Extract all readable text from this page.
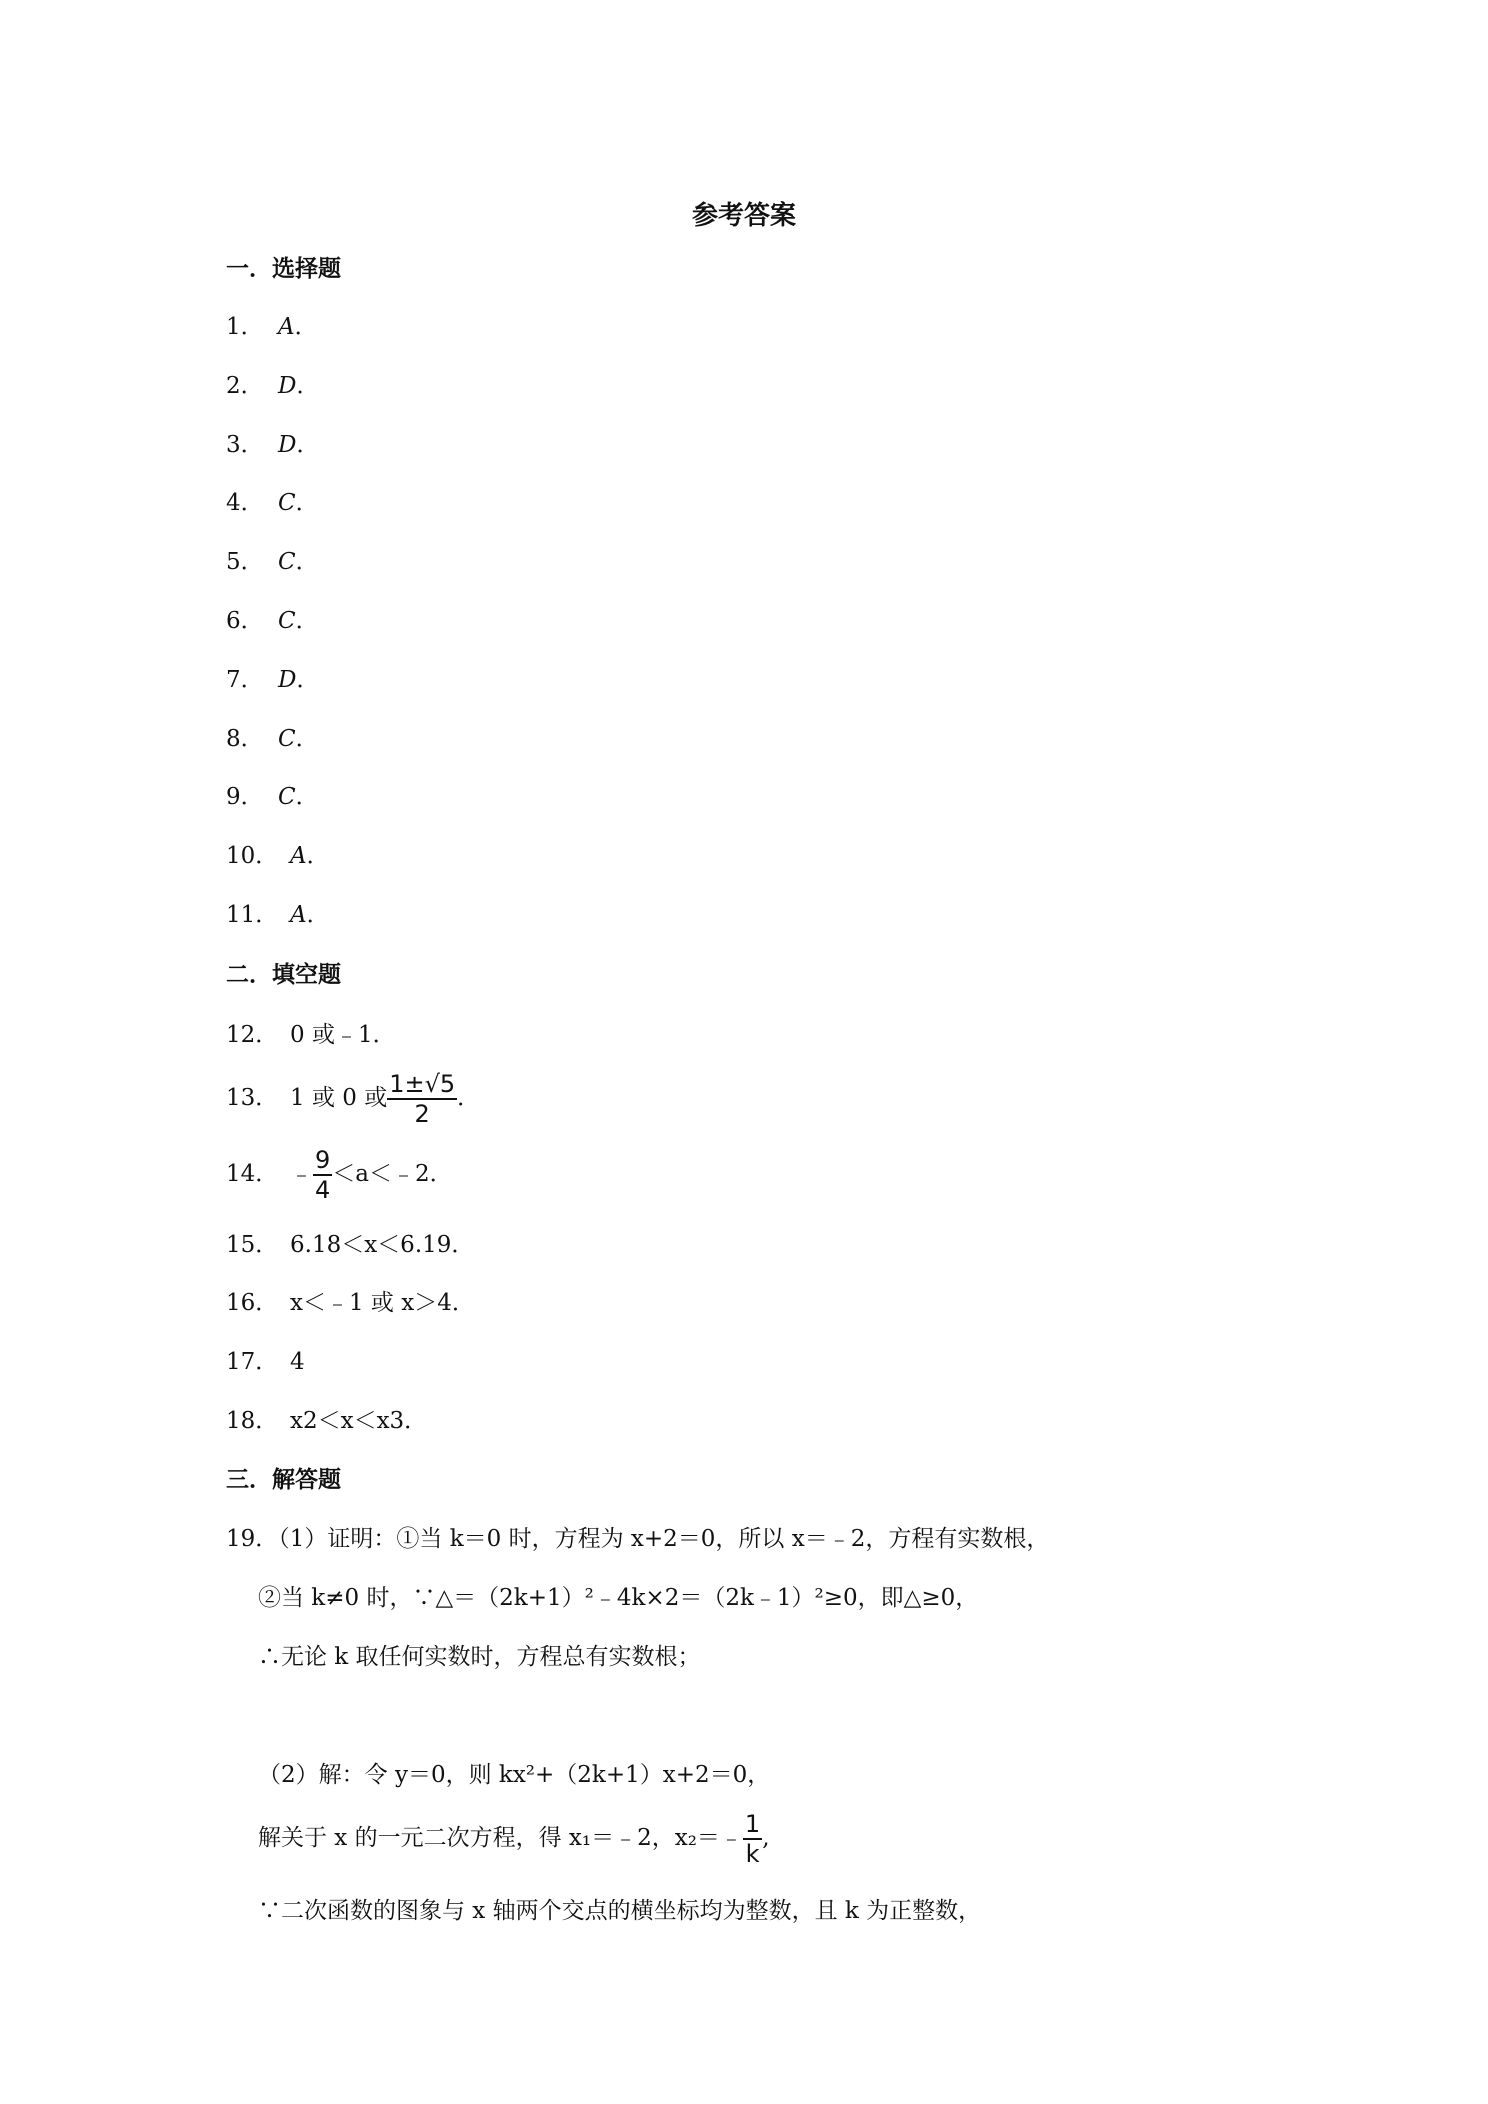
参考答案
一．选择题
1． A．
2． D．
3． D．
4． C．
5． C．
6． C．
7． D．
8． C．
9． C．
10． A．
11． A．
二．填空题
12． 0 或﹣1．
13． 1 或 0 或 $\frac{1\pm√5}{2}$ ．
14． ﹣ $\frac{9}{4}$ ＜a＜﹣2．
15． 6.18＜x＜6.19．
16． x＜﹣1 或 x＞4．
17． 4
18． x2＜x＜x3．
三．解答题
19．（1）证明：①当 k＝0 时，方程为 x+2＝0，所以 x＝﹣2，方程有实数根，
②当 k≠0 时，∵△＝（2k+1）²﹣4k×2＝（2k﹣1）²≥0，即△≥0，
∴无论 k 取任何实数时，方程总有实数根；
（2）解：令 y＝0，则 kx²+（2k+1）x+2＝0，
解关于 x 的一元二次方程，得 x₁＝﹣2，x₂＝﹣ $\frac{1}{k}$ ,
∵二次函数的图象与 x 轴两个交点的横坐标均为整数，且 k 为正整数，
